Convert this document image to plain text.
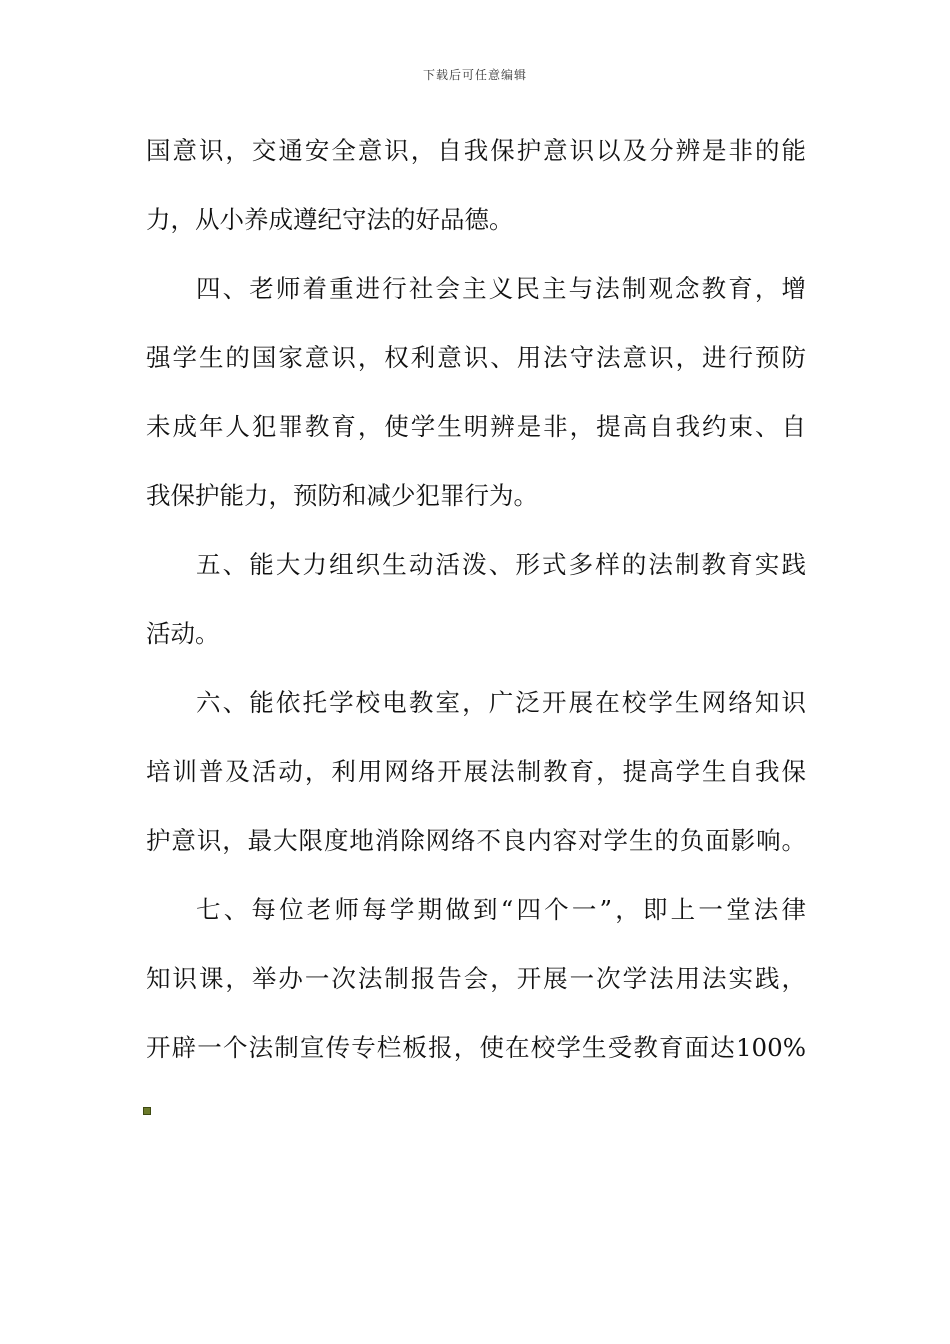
下载后可任意编辑
国意识，交通安全意识，自我保护意识以及分辨是非的能
力，从小养成遵纪守法的好品德。
四、老师着重进行社会主义民主与法制观念教育，增
强学生的国家意识，权利意识、用法守法意识，进行预防
未成年人犯罪教育，使学生明辨是非，提高自我约束、自
我保护能力，预防和减少犯罪行为。
五、能大力组织生动活泼、形式多样的法制教育实践
活动。
六、能依托学校电教室，广泛开展在校学生网络知识
培训普及活动，利用网络开展法制教育，提高学生自我保
护意识，最大限度地消除网络不良内容对学生的负面影响。
七、每位老师每学期做到“四个一”，即上一堂法律
知识课，举办一次法制报告会，开展一次学法用法实践，
开辟一个法制宣传专栏板报，使在校学生受教育面达100%
